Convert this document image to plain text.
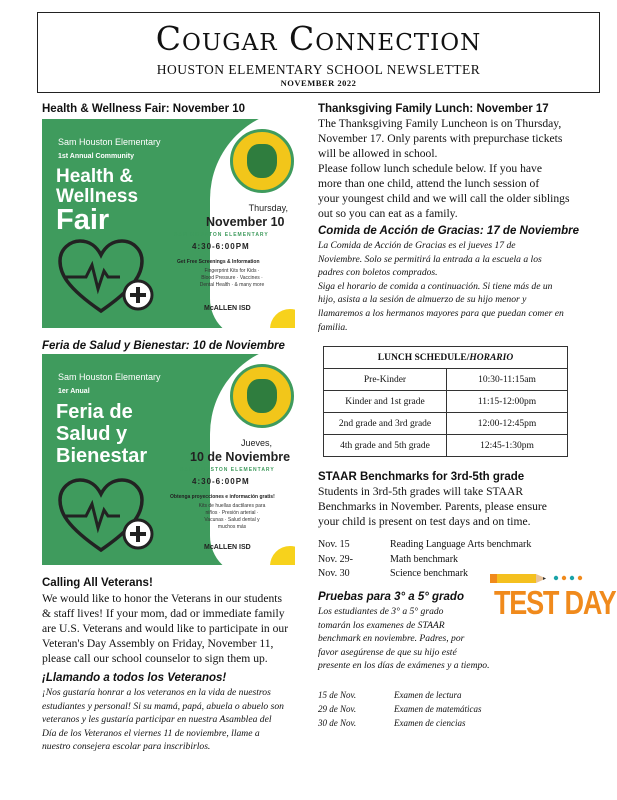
Cougar Connection
HOUSTON ELEMENTARY SCHOOL NEWSLETTER
NOVEMBER 2022
Health & Wellness Fair: November 10
Sam Houston Elementary
1st Annual Community
Health &
Wellness
Fair	Thursday,
November 10
SAM HOUSTON ELEMENTARY
4:30-6:00PM
Get Free Screenings & Information
Fingerprint Kits for Kids ·
Blood Pressure · Vaccines ·
Dental Health · & many more
McALLEN ISD
Feria de Salud y Bienestar: 10 de Noviembre
Sam Houston Elementary
1er Anual
Feria de
Salud y
Bienestar
Jueves,
10 de Noviembre
SAM HOUSTON ELEMENTARY
4:30-6:00PM
Obtenga proyecciones e información gratis!
Kits de huellas dactilares para
niños · Presión arterial ·
Vacunas · Salud dental y
muchos más
McALLEN ISD
Calling All Veterans!
We would like to honor the Veterans in our students
& staff lives! If your mom, dad or immediate family
are U.S. Veterans and would like to participate in our
Veteran's Day Assembly on Friday, November 11,
please call our school counselor to sign them up.
¡Llamando a todos los Veteranos!
¡Nos gustaría honrar a los veteranos en la vida de nuestros
estudiantes y personal! Si su mamá, papá, abuela o abuelo son
veteranos y les gustaría participar en nuestra Asamblea del
Día de los Veteranos el viernes 11 de noviembre, llame a
nuestro consejera escolar para inscribirlos.
Thanksgiving Family Lunch: November 17
The Thanksgiving Family Luncheon is on Thursday,
November 17. Only parents with prepurchase tickets
will be allowed in school.
Please follow lunch schedule below. If you have
more than one child, attend the lunch session of
your youngest child and we will call the older siblings
out so you can eat as a family.
Comida de Acción de Gracias: 17 de Noviembre
La Comida de Acción de Gracias es el jueves 17 de
Noviembre. Solo se permitirá la entrada a la escuela a los
padres con boletos comprados.
Siga el horario de comida a continuación. Si tiene más de un
hijo, asista a la sesión de almuerzo de su hijo menor y
llamaremos a los hermanos mayores para que puedan comer en
familia.
LUNCH SCHEDULE/HORARIO	
Pre-Kinder	10:30-11:15am
Kinder and 1st grade	11:15-12:00pm
2nd grade and 3rd grade	12:00-12:45pm
4th grade and 5th grade	12:45-1:30pm
STAAR Benchmarks for 3rd-5th grade
Students in 3rd-5th grades will take STAAR
Benchmarks in November. Parents, please ensure
your child is present on test days and on time.
Nov. 15	Reading Language Arts benchmark
Nov. 29-	Math benchmark
Nov. 30	Science benchmark
Pruebas para 3° a 5° grado
Los estudiantes de 3° a 5° grado
tomarán los examenes de STAAR
benchmark en noviembre. Padres, por
favor asegúrense de que su hijo esté
presente en los días de exámenes y a tiempo.
TEST DAY
15 de Nov.	Examen de lectura
29 de Nov.	Examen de matemáticas
30 de Nov.	Examen de ciencias
